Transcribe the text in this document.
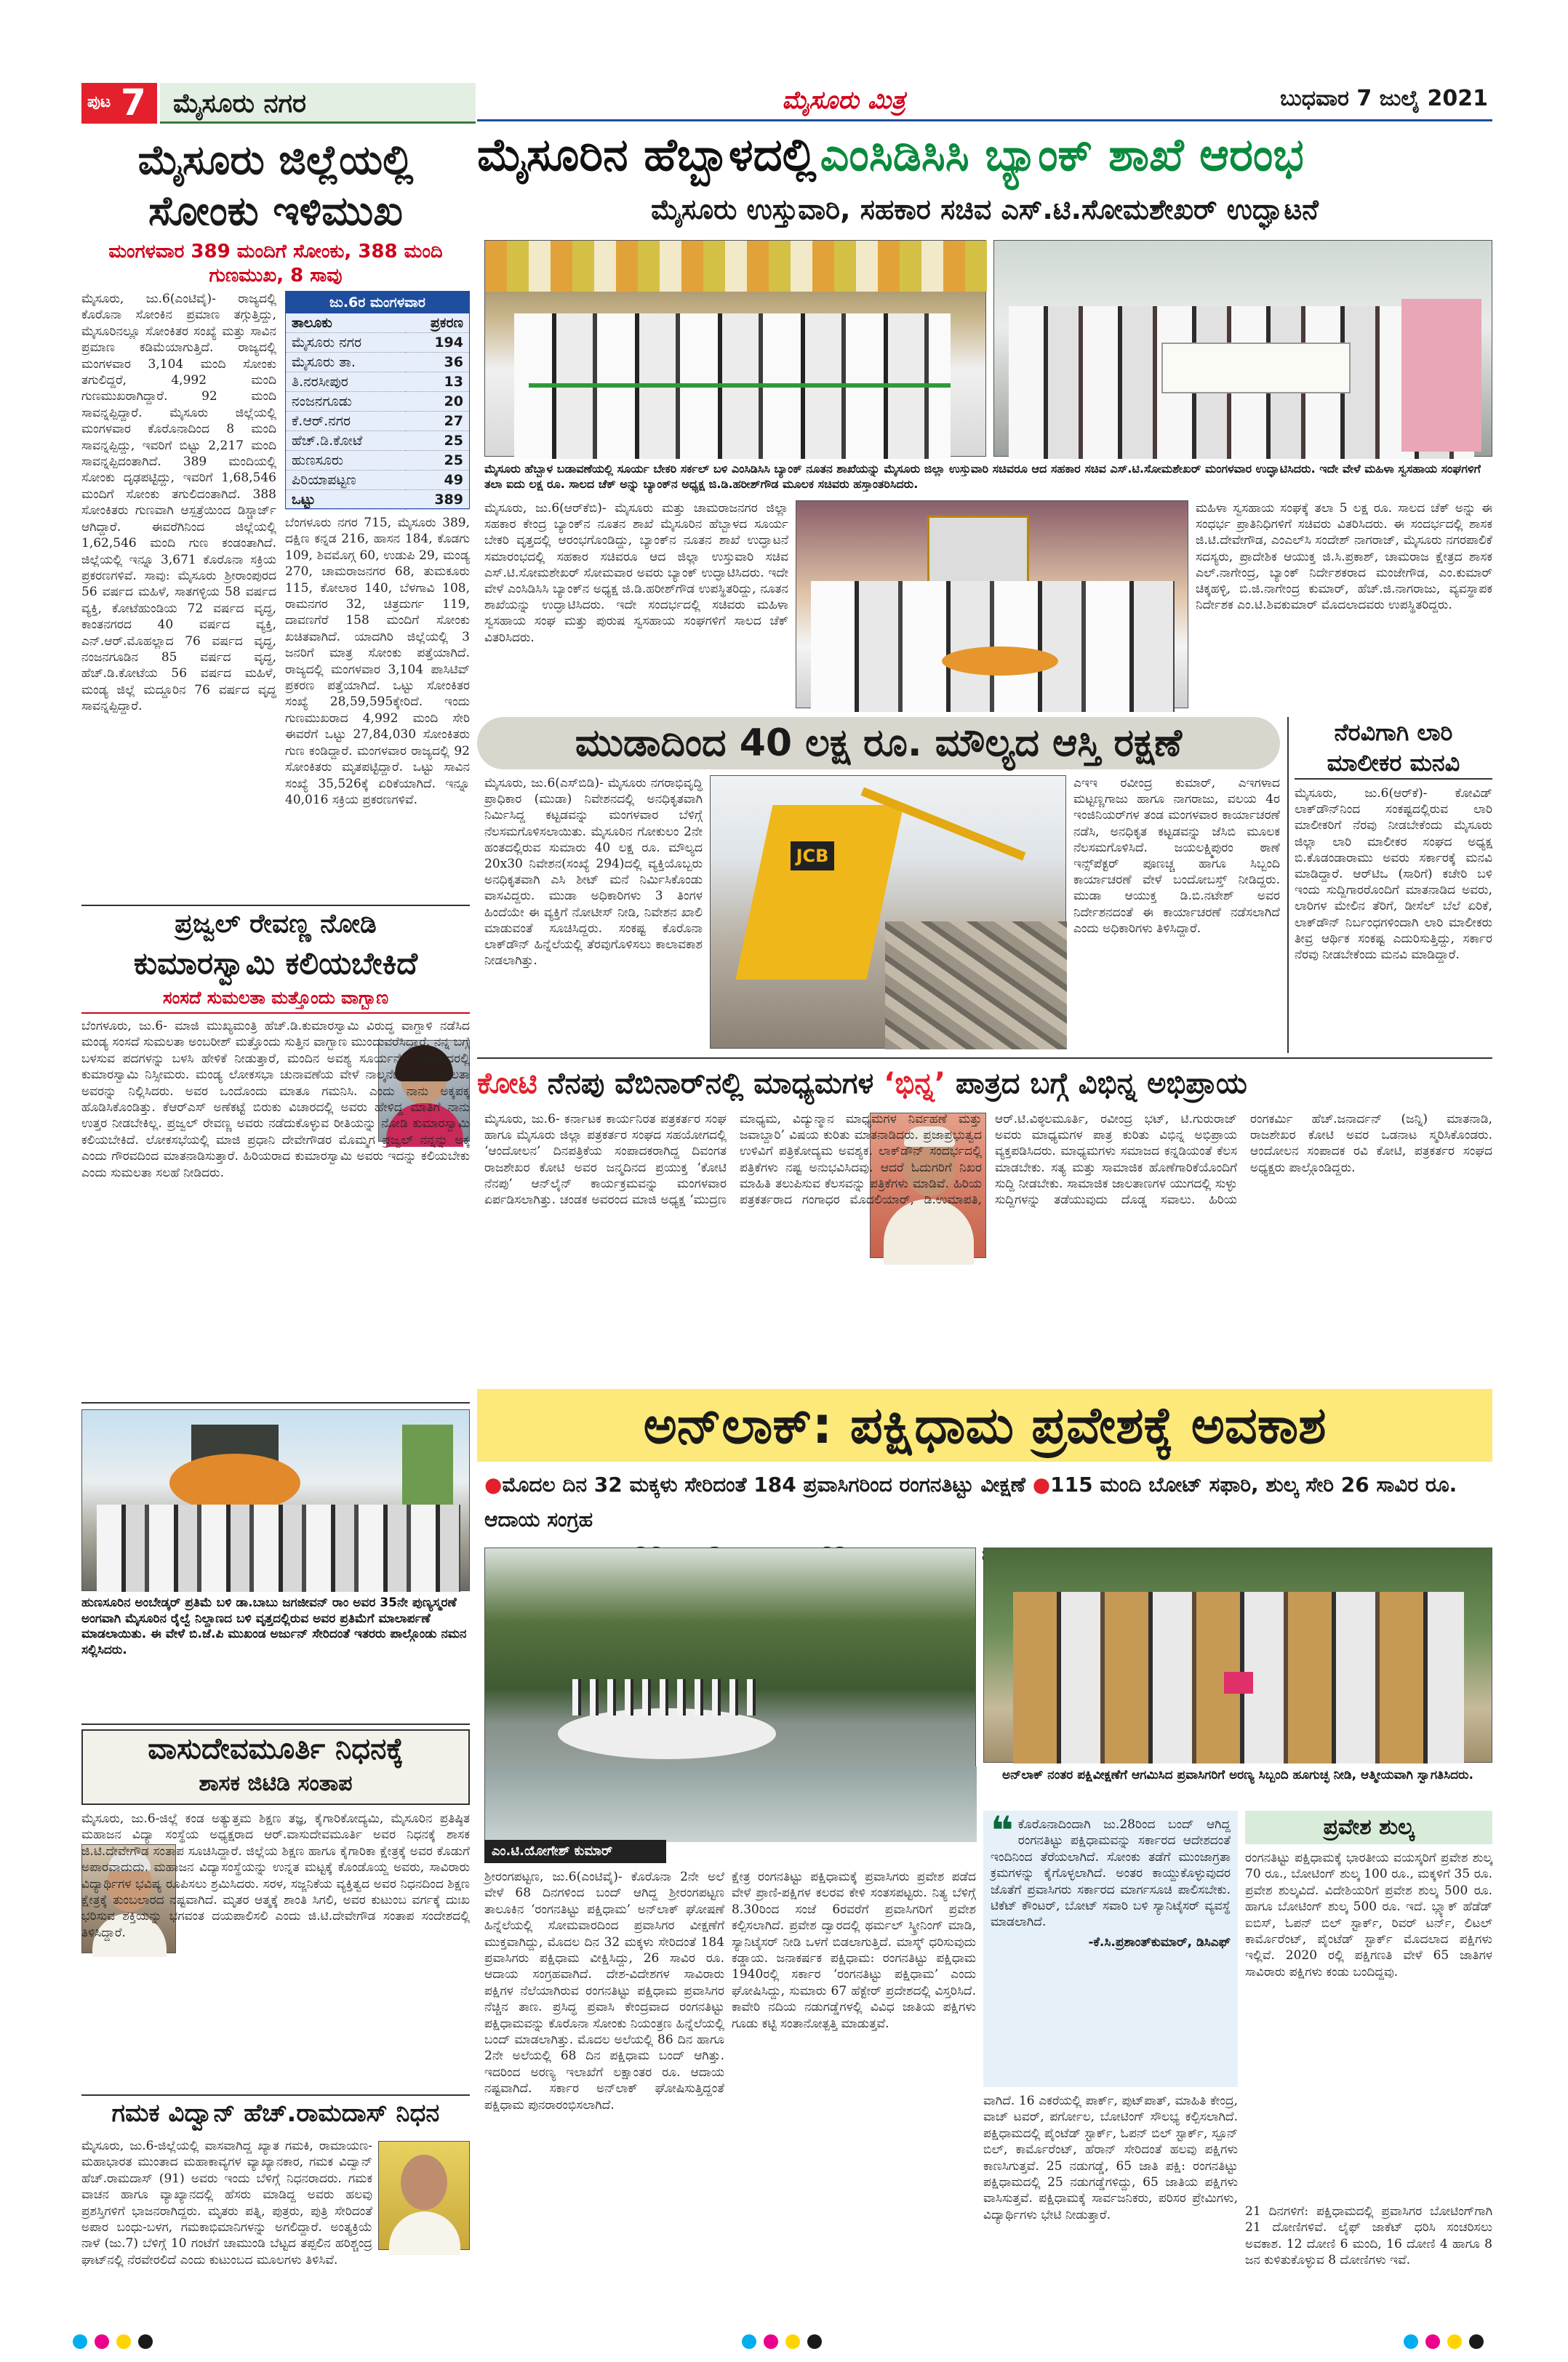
ಪುಟ 7 ಮೈಸೂರು ನಗರ	ಮೈಸೂರು ಮಿತ್ರ	ಬುಧವಾರ 7 ಜುಲೈ 2021
ಮೈಸೂರು ಜಿಲ್ಲೆಯಲ್ಲಿ ಸೋಂಕು ಇಳಿಮುಖ
ಮಂಗಳವಾರ 389 ಮಂದಿಗೆ ಸೋಂಕು, 388 ಮಂದಿ ಗುಣಮುಖ, 8 ಸಾವು
ಮೈಸೂರು, ಜು.6(ಎಂಟಿವೈ)- ರಾಜ್ಯದಲ್ಲಿ ಕೊರೊನಾ ಸೋಂಕಿನ ಪ್ರಮಾಣ ತಗ್ಗುತ್ತಿದ್ದು, ಮೈಸೂರಿನಲ್ಲೂ ಸೋಂಕಿತರ ಸಂಖ್ಯೆ ಮತ್ತು ಸಾವಿನ ಪ್ರಮಾಣ ಕಡಿಮೆಯಾಗುತ್ತಿದೆ. ರಾಜ್ಯದಲ್ಲಿ ಮಂಗಳವಾರ 3,104 ಮಂದಿ ಸೋಂಕು ತಗುಲಿದ್ದರೆ, 4,992 ಮಂದಿ ಗುಣಮುಖರಾಗಿದ್ದಾರೆ. 92 ಮಂದಿ ಸಾವನ್ನಪ್ಪಿದ್ದಾರೆ. ಮೈಸೂರು ಜಿಲ್ಲೆಯಲ್ಲಿ ಮಂಗಳವಾರ ಕೊರೊನಾದಿಂದ 8 ಮಂದಿ ಸಾವನ್ನಪ್ಪಿದ್ದು, ಇವರಿಗೆ ಬಿಟ್ಟು 2,217 ಮಂದಿ ಸಾವನ್ನಪ್ಪಿದಂತಾಗಿದೆ. 389 ಮಂದಿಯಲ್ಲಿ ಸೋಂಕು ದೃಢಪಟ್ಟಿದ್ದು, ಇವರಿಗೆ 1,68,546 ಮಂದಿಗೆ ಸೋಂಕು ತಗುಲಿದಂತಾಗಿದೆ. 388 ಸೋಂಕಿತರು ಗುಣವಾಗಿ ಆಸ್ಪತ್ರೆಯಿಂದ ಡಿಸ್ಚಾರ್ಜ್ ಆಗಿದ್ದಾರೆ. ಈವರೆಗಿನಿಂದ ಜಿಲ್ಲೆಯಲ್ಲಿ 1,62,546 ಮಂದಿ ಗುಣ ಕಂಡಂತಾಗಿದೆ. ಜಿಲ್ಲೆಯಲ್ಲಿ ಇನ್ನೂ 3,671 ಕೊರೊನಾ ಸಕ್ರಿಯ ಪ್ರಕರಣಗಳಿವೆ. ಸಾವು: ಮೈಸೂರು ಶ್ರೀರಾಂಪುರದ 56 ವರ್ಷದ ಮಹಿಳೆ, ಸಾತಗಳ್ಳಿಯ 58 ವರ್ಷದ ವ್ಯಕ್ತಿ, ಕೋಟೆಹುಂಡಿಯ 72 ವರ್ಷದ ವೃದ್ಧ, ಕಾಂತನಗರದ 40 ವರ್ಷದ ವ್ಯಕ್ತಿ, ಎನ್.ಆರ್.ಮೊಹಲ್ಲಾದ 76 ವರ್ಷದ ವೃದ್ಧ, ನಂಜನಗೂಡಿನ 85 ವರ್ಷದ ವೃದ್ಧ, ಹೆಚ್.ಡಿ.ಕೋಟೆಯ 56 ವರ್ಷದ ಮಹಿಳೆ, ಮಂಡ್ಯ ಜಿಲ್ಲೆ ಮದ್ದೂರಿನ 76 ವರ್ಷದ ವೃದ್ಧ ಸಾವನ್ನಪ್ಪಿದ್ದಾರೆ.
ಜು.6ರ ಮಂಗಳವಾರ
ತಾಲೂಕು	ಪ್ರಕರಣ
ಮೈಸೂರು ನಗರ	194
ಮೈಸೂರು ತಾ.	36
ತಿ.ನರಸೀಪುರ	13
ನಂಜನಗೂಡು	20
ಕೆ.ಆರ್.ನಗರ	27
ಹೆಚ್.ಡಿ.ಕೋಟೆ	25
ಹುಣಸೂರು	25
ಪಿರಿಯಾಪಟ್ಟಣ	49
ಒಟ್ಟು	389
ಬೆಂಗಳೂರು ನಗರ 715, ಮೈಸೂರು 389, ದಕ್ಷಿಣ ಕನ್ನಡ 216, ಹಾಸನ 184, ಕೊಡಗು 109, ಶಿವಮೊಗ್ಗ 60, ಉಡುಪಿ 29, ಮಂಡ್ಯ 270, ಚಾಮರಾಜನಗರ 68, ತುಮಕೂರು 115, ಕೋಲಾರ 140, ಬೆಳಗಾವಿ 108, ರಾಮನಗರ 32, ಚಿತ್ರದುರ್ಗ 119, ದಾವಣಗೆರೆ 158 ಮಂದಿಗೆ ಸೋಂಕು ಖಚಿತವಾಗಿದೆ. ಯಾದಗಿರಿ ಜಿಲ್ಲೆಯಲ್ಲಿ 3 ಜನರಿಗೆ ಮಾತ್ರ ಸೋಂಕು ಪತ್ತೆಯಾಗಿದೆ. ರಾಜ್ಯದಲ್ಲಿ ಮಂಗಳವಾರ 3,104 ಪಾಸಿಟಿವ್ ಪ್ರಕರಣ ಪತ್ತೆಯಾಗಿದೆ. ಒಟ್ಟು ಸೋಂಕಿತರ ಸಂಖ್ಯೆ 28,59,595ಕ್ಕೇರಿದೆ. ಇಂದು ಗುಣಮುಖರಾದ 4,992 ಮಂದಿ ಸೇರಿ ಈವರೆಗೆ ಒಟ್ಟು 27,84,030 ಸೋಂಕಿತರು ಗುಣ ಕಂಡಿದ್ದಾರೆ. ಮಂಗಳವಾರ ರಾಜ್ಯದಲ್ಲಿ 92 ಸೋಂಕಿತರು ಮೃತಪಟ್ಟಿದ್ದಾರೆ. ಒಟ್ಟು ಸಾವಿನ ಸಂಖ್ಯೆ 35,526ಕ್ಕೆ ಏರಿಕೆಯಾಗಿದೆ. ಇನ್ನೂ 40,016 ಸಕ್ರಿಯ ಪ್ರಕರಣಗಳಿವೆ.
ಪ್ರಜ್ವಲ್ ರೇವಣ್ಣ ನೋಡಿ
ಕುಮಾರಸ್ವಾಮಿ ಕಲಿಯಬೇಕಿದೆ
ಸಂಸದೆ ಸುಮಲತಾ ಮತ್ತೊಂದು ವಾಗ್ಬಾಣ
ಬೆಂಗಳೂರು, ಜು.6- ಮಾಜಿ ಮುಖ್ಯಮಂತ್ರಿ ಹೆಚ್.ಡಿ.ಕುಮಾರಸ್ವಾಮಿ ವಿರುದ್ಧ ವಾಗ್ದಾಳಿ ನಡೆಸಿದ ಮಂಡ್ಯ ಸಂಸದೆ ಸುಮಲತಾ ಅಂಬರೀಶ್ ಮತ್ತೊಂದು ಸುತ್ತಿನ ವಾಗ್ಬಾಣ ಮುಂದುವರೆಸಿದ್ದಾರೆ. ನನ್ನ ಬಗ್ಗೆ ಬಳಸುವ ಪದಗಳನ್ನು ಬಳಸಿ ಹೇಳಿಕೆ ನೀಡುತ್ತಾರೆ, ಮಂದಿನ ಅವಶ್ಯ ಸೂರ್ಯನ್ನೇ ನೀಡುವುದರಲ್ಲಿ ಕುಮಾರಸ್ವಾಮಿ ನಿಸ್ಸೀಮರು. ಮಂಡ್ಯ ಲೋಕಸಭಾ ಚುನಾವಣೆಯ ವೇಳೆ ನಾಲ್ಕನೇ ನಾಲಿ ಸುಮಲತಾ ಅವರನ್ನು ನಿಲ್ಲಿಸಿದರು. ಅವರ ಒಂದೊಂದು ಮಾತೂ ಗಮನಿಸಿ. ಎಂದು ನಾನು ಅಕ್ಕಪಕ್ಕ ಹೊಡಿಸಿಕೊಂಡಿತ್ತು. ಕೆಆರ್‌ಎಸ್ ಅಣೆಕಟ್ಟೆ ಬಿರುಕು ವಿಚಾರದಲ್ಲಿ ಅವರು ಹೇಳಿದ್ದ ಮಾತಿಗೆ ನಾನು ಉತ್ತರ ನೀಡಬೇಕಿಲ್ಲ. ಪ್ರಜ್ವಲ್ ರೇವಣ್ಣ ಅವರು ನಡೆದುಕೊಳ್ಳುವ ರೀತಿಯನ್ನು ನೋಡಿ ಕುಮಾರಸ್ವಾಮಿ ಕಲಿಯಬೇಕಿದೆ. ಲೋಕಸಭೆಯಲ್ಲಿ ಮಾಜಿ ಪ್ರಧಾನಿ ದೇವೇಗೌಡರ ಮೊಮ್ಮಗ ಪ್ರಜ್ವಲ್ ನನ್ನನ್ನು ಅಕ್ಕ ಎಂದು ಗೌರವದಿಂದ ಮಾತನಾಡಿಸುತ್ತಾರೆ. ಹಿರಿಯರಾದ ಕುಮಾರಸ್ವಾಮಿ ಅವರು ಇದನ್ನು ಕಲಿಯಬೇಕು ಎಂದು ಸುಮಲತಾ ಸಲಹೆ ನೀಡಿದರು.
ಹುಣಸೂರಿನ ಅಂಬೇಡ್ಕರ್ ಪ್ರತಿಮೆ ಬಳಿ ಡಾ.ಬಾಬು ಜಗಜೀವನ್ ರಾಂ ಅವರ 35ನೇ ಪುಣ್ಯಸ್ಮರಣೆ ಅಂಗವಾಗಿ ಮೈಸೂರಿನ ರೈಲ್ವೆ ನಿಲ್ದಾಣದ ಬಳಿ ವೃತ್ತದಲ್ಲಿರುವ ಅವರ ಪ್ರತಿಮೆಗೆ ಮಾಲಾರ್ಪಣೆ ಮಾಡಲಾಯಿತು. ಈ ವೇಳೆ ಬಿ.ಜೆ.ಪಿ ಮುಖಂಡ ಅರ್ಜುನ್ ಸೇರಿದಂತೆ ಇತರರು ಪಾಲ್ಗೊಂಡು ನಮನ ಸಲ್ಲಿಸಿದರು.
ವಾಸುದೇವಮೂರ್ತಿ ನಿಧನಕ್ಕೆ
ಶಾಸಕ ಜಿಟಿಡಿ ಸಂತಾಪ
ಮೈಸೂರು, ಜು.6-ಜಿಲ್ಲೆ ಕಂಡ ಅತ್ಯುತ್ತಮ ಶಿಕ್ಷಣ ತಜ್ಞ, ಕೈಗಾರಿಕೋದ್ಯಮಿ, ಮೈಸೂರಿನ ಪ್ರತಿಷ್ಠಿತ ಮಹಾಜನ ವಿದ್ಯಾ ಸಂಸ್ಥೆಯ ಅಧ್ಯಕ್ಷರಾದ ಆರ್.ವಾಸುದೇವಮೂರ್ತಿ ಅವರ ನಿಧನಕ್ಕೆ ಶಾಸಕ ಜಿ.ಟಿ.ದೇವೇಗೌಡ ಸಂತಾಪ ಸೂಚಿಸಿದ್ದಾರೆ. ಜಿಲ್ಲೆಯ ಶಿಕ್ಷಣ ಹಾಗೂ ಕೈಗಾರಿಕಾ ಕ್ಷೇತ್ರಕ್ಕೆ ಅವರ ಕೊಡುಗೆ ಅಪಾರವಾದುದು. ಮಹಾಜನ ವಿದ್ಯಾಸಂಸ್ಥೆಯನ್ನು ಉನ್ನತ ಮಟ್ಟಕ್ಕೆ ಕೊಂಡೊಯ್ದ ಅವರು, ಸಾವಿರಾರು ವಿದ್ಯಾರ್ಥಿಗಳ ಭವಿಷ್ಯ ರೂಪಿಸಲು ಶ್ರಮಿಸಿದರು. ಸರಳ, ಸಜ್ಜನಿಕೆಯ ವ್ಯಕ್ತಿತ್ವದ ಅವರ ನಿಧನದಿಂದ ಶಿಕ್ಷಣ ಕ್ಷೇತ್ರಕ್ಕೆ ತುಂಬಲಾರದ ನಷ್ಟವಾಗಿದೆ. ಮೃತರ ಆತ್ಮಕ್ಕೆ ಶಾಂತಿ ಸಿಗಲಿ, ಅವರ ಕುಟುಂಬ ವರ್ಗಕ್ಕೆ ದುಃಖ ಭರಿಸುವ ಶಕ್ತಿಯನ್ನು ಭಗವಂತ ದಯಪಾಲಿಸಲಿ ಎಂದು ಜಿ.ಟಿ.ದೇವೇಗೌಡ ಸಂತಾಪ ಸಂದೇಶದಲ್ಲಿ ತಿಳಿಸಿದ್ದಾರೆ.
ಗಮಕ ವಿದ್ವಾನ್ ಹೆಚ್.ರಾಮದಾಸ್ ನಿಧನ
ಮೈಸೂರು, ಜು.6-ಜಿಲ್ಲೆಯಲ್ಲಿ ವಾಸವಾಗಿದ್ದ ಖ್ಯಾತ ಗಮಕಿ, ರಾಮಾಯಣ-ಮಹಾಭಾರತ ಮುಂತಾದ ಮಹಾಕಾವ್ಯಗಳ ವ್ಯಾಖ್ಯಾನಕಾರ, ಗಮಕ ವಿದ್ವಾನ್ ಹೆಚ್.ರಾಮದಾಸ್ (91) ಅವರು ಇಂದು ಬೆಳಿಗ್ಗೆ ನಿಧನರಾದರು. ಗಮಕ ವಾಚನ ಹಾಗೂ ವ್ಯಾಖ್ಯಾನದಲ್ಲಿ ಹೆಸರು ಮಾಡಿದ್ದ ಅವರು ಹಲವು ಪ್ರಶಸ್ತಿಗಳಿಗೆ ಭಾಜನರಾಗಿದ್ದರು. ಮೃತರು ಪತ್ನಿ, ಪುತ್ರರು, ಪುತ್ರಿ ಸೇರಿದಂತೆ ಅಪಾರ ಬಂಧು-ಬಳಗ, ಗಮಕಾಭಿಮಾನಿಗಳನ್ನು ಅಗಲಿದ್ದಾರೆ. ಅಂತ್ಯಕ್ರಿಯೆ ನಾಳೆ (ಜು.7) ಬೆಳಿಗ್ಗೆ 10 ಗಂಟೆಗೆ ಚಾಮುಂಡಿ ಬೆಟ್ಟದ ತಪ್ಪಲಿನ ಹರಿಶ್ಚಂದ್ರ ಘಾಟ್‌ನಲ್ಲಿ ನೆರವೇರಲಿದೆ ಎಂದು ಕುಟುಂಬದ ಮೂಲಗಳು ತಿಳಿಸಿವೆ.
ಮೈಸೂರಿನ ಹೆಬ್ಬಾಳದಲ್ಲಿ ಎಂಸಿಡಿಸಿಸಿ ಬ್ಯಾಂಕ್ ಶಾಖೆ ಆರಂಭ
ಮೈಸೂರು ಉಸ್ತುವಾರಿ, ಸಹಕಾರ ಸಚಿವ ಎಸ್.ಟಿ.ಸೋಮಶೇಖರ್ ಉದ್ಘಾಟನೆ
ಮೈಸೂರು ಹೆಬ್ಬಾಳ ಬಡಾವಣೆಯಲ್ಲಿ ಸೂರ್ಯ ಬೇಕರಿ ಸರ್ಕಲ್ ಬಳಿ ಎಂಸಿಡಿಸಿಸಿ ಬ್ಯಾಂಕ್ ನೂತನ ಶಾಖೆಯನ್ನು ಮೈಸೂರು ಜಿಲ್ಲಾ ಉಸ್ತುವಾರಿ ಸಚಿವರೂ ಆದ ಸಹಕಾರ ಸಚಿವ ಎಸ್.ಟಿ.ಸೋಮಶೇಖರ್ ಮಂಗಳವಾರ ಉದ್ಘಾಟಿಸಿದರು. ಇದೇ ವೇಳೆ ಮಹಿಳಾ ಸ್ವಸಹಾಯ ಸಂಘಗಳಿಗೆ ತಲಾ ಐದು ಲಕ್ಷ ರೂ. ಸಾಲದ ಚೆಕ್ ಅನ್ನು ಬ್ಯಾಂಕ್‌ನ ಅಧ್ಯಕ್ಷ ಜಿ.ಡಿ.ಹರೀಶ್‌ಗೌಡ ಮೂಲಕ ಸಚಿವರು ಹಸ್ತಾಂತರಿಸಿದರು.
ಮೈಸೂರು, ಜು.6(ಆರ್‌ಕೆಬಿ)- ಮೈಸೂರು ಮತ್ತು ಚಾಮರಾಜನಗರ ಜಿಲ್ಲಾ ಸಹಕಾರ ಕೇಂದ್ರ ಬ್ಯಾಂಕ್‌ನ ನೂತನ ಶಾಖೆ ಮೈಸೂರಿನ ಹೆಬ್ಬಾಳದ ಸೂರ್ಯ ಬೇಕರಿ ವೃತ್ತದಲ್ಲಿ ಆರಂಭಗೊಂಡಿದ್ದು, ಬ್ಯಾಂಕ್‌ನ ನೂತನ ಶಾಖೆ ಉದ್ಘಾಟನೆ ಸಮಾರಂಭದಲ್ಲಿ ಸಹಕಾರ ಸಚಿವರೂ ಆದ ಜಿಲ್ಲಾ ಉಸ್ತುವಾರಿ ಸಚಿವ ಎಸ್.ಟಿ.ಸೋಮಶೇಖರ್ ಸೋಮವಾರ ಅವರು ಬ್ಯಾಂಕ್ ಉದ್ಘಾಟಿಸಿದರು. ಇದೇ ವೇಳೆ ಎಂಸಿಡಿಸಿಸಿ ಬ್ಯಾಂಕ್‌ನ ಅಧ್ಯಕ್ಷ ಜಿ.ಡಿ.ಹರೀಶ್‌ಗೌಡ ಉಪಸ್ಥಿತರಿದ್ದು, ನೂತನ ಶಾಖೆಯನ್ನು ಉದ್ಘಾಟಿಸಿದರು. ಇದೇ ಸಂದರ್ಭದಲ್ಲಿ ಸಚಿವರು ಮಹಿಳಾ ಸ್ವಸಹಾಯ ಸಂಘ ಮತ್ತು ಪುರುಷ ಸ್ವಸಹಾಯ ಸಂಘಗಳಿಗೆ ಸಾಲದ ಚೆಕ್ ವಿತರಿಸಿದರು.
ಮಹಿಳಾ ಸ್ವಸಹಾಯ ಸಂಘಕ್ಕೆ ತಲಾ 5 ಲಕ್ಷ ರೂ. ಸಾಲದ ಚೆಕ್ ಅನ್ನು ಈ ಸಂಧರ್ಭ ಪ್ರಾತಿನಿಧಿಗಳಿಗೆ ಸಚಿವರು ವಿತರಿಸಿದರು. ಈ ಸಂದರ್ಭದಲ್ಲಿ ಶಾಸಕ ಜಿ.ಟಿ.ದೇವೇಗೌಡ, ಎಂಎಲ್‌ಸಿ ಸಂದೇಶ್ ನಾಗರಾಜ್, ಮೈಸೂರು ನಗರಪಾಲಿಕೆ ಸದಸ್ಯರು, ಪ್ರಾದೇಶಿಕ ಆಯುಕ್ತ ಜಿ.ಸಿ.ಪ್ರಕಾಶ್, ಚಾಮರಾಜ ಕ್ಷೇತ್ರದ ಶಾಸಕ ಎಲ್.ನಾಗೇಂದ್ರ, ಬ್ಯಾಂಕ್ ನಿರ್ದೇಶಕರಾದ ಮಂಜೇಗೌಡ, ಎಂ.ಕುಮಾರ್ ಚಿಕ್ಕಹಳ್ಳಿ, ಬಿ.ಜಿ.ನಾಗೇಂದ್ರ ಕುಮಾರ್, ಹೆಚ್.ಜಿ.ನಾಗರಾಜು, ವ್ಯವಸ್ಥಾಪಕ ನಿರ್ದೇಶಕ ಎಂ.ಟಿ.ಶಿವಕುಮಾರ್ ಮೊದಲಾದವರು ಉಪಸ್ಥಿತರಿದ್ದರು.
ಮುಡಾದಿಂದ 40 ಲಕ್ಷ ರೂ. ಮೌಲ್ಯದ ಆಸ್ತಿ ರಕ್ಷಣೆ
ಮೈಸೂರು, ಜು.6(ಎಸ್‌ಬಿಡಿ)- ಮೈಸೂರು ನಗರಾಭಿವೃದ್ಧಿ ಪ್ರಾಧಿಕಾರ (ಮುಡಾ) ನಿವೇಶನದಲ್ಲಿ ಅನಧಿಕೃತವಾಗಿ ನಿರ್ಮಿಸಿದ್ದ ಕಟ್ಟಡವನ್ನು ಮಂಗಳವಾರ ಬೆಳಿಗ್ಗೆ ನೆಲಸಮಗೊಳಿಸಲಾಯಿತು. ಮೈಸೂರಿನ ಗೋಕುಲಂ 2ನೇ ಹಂತದಲ್ಲಿರುವ ಸುಮಾರು 40 ಲಕ್ಷ ರೂ. ಮೌಲ್ಯದ 20x30 ನಿವೇಶನ(ಸಂಖ್ಯೆ 294)ದಲ್ಲಿ ವ್ಯಕ್ತಿಯೊಬ್ಬರು ಅನಧಿಕೃತವಾಗಿ ಎಸಿ ಶೀಟ್ ಮನೆ ನಿರ್ಮಿಸಿಕೊಂಡು ವಾಸವಿದ್ದರು. ಮುಡಾ ಅಧಿಕಾರಿಗಳು 3 ತಿಂಗಳ ಹಿಂದೆಯೇ ಈ ವ್ಯಕ್ತಿಗೆ ನೋಟೀಸ್ ನೀಡಿ, ನಿವೇಶನ ಖಾಲಿ ಮಾಡುವಂತೆ ಸೂಚಿಸಿದ್ದರು. ಸಂಕಷ್ಟ ಕೊರೊನಾ ಲಾಕ್‌ಡೌನ್ ಹಿನ್ನೆಲೆಯಲ್ಲಿ ತೆರವುಗೊಳಿಸಲು ಕಾಲಾವಕಾಶ ನೀಡಲಾಗಿತ್ತು.
JCB
ಎಇಇ ರವೀಂದ್ರ ಕುಮಾರ್, ಎಇಗಳಾದ ಮಟ್ಟಣ್ಣಗಾಜು ಹಾಗೂ ನಾಗರಾಜು, ವಲಯ 4ರ ಇಂಜಿನಿಯರ್‌ಗಳ ತಂಡ ಮಂಗಳವಾರ ಕಾರ್ಯಾಚರಣೆ ನಡೆಸಿ, ಅನಧಿಕೃತ ಕಟ್ಟಡವನ್ನು ಜೆಸಿಬಿ ಮೂಲಕ ನೆಲಸಮಗೊಳಿಸಿದೆ. ಜಯಲಕ್ಷ್ಮಿಪುರಂ ಠಾಣೆ ಇನ್ಸ್‌ಪೆಕ್ಟರ್ ಪೂಣಚ್ಚ ಹಾಗೂ ಸಿಬ್ಬಂದಿ ಕಾರ್ಯಾಚರಣೆ ವೇಳೆ ಬಂದೋಬಸ್ತ್ ನೀಡಿದ್ದರು. ಮುಡಾ ಆಯುಕ್ತ ಡಿ.ಬಿ.ನಟೇಶ್ ಅವರ ನಿರ್ದೇಶನದಂತೆ ಈ ಕಾರ್ಯಾಚರಣೆ ನಡೆಸಲಾಗಿದೆ ಎಂದು ಅಧಿಕಾರಿಗಳು ತಿಳಿಸಿದ್ದಾರೆ.
ನೆರವಿಗಾಗಿ ಲಾರಿ ಮಾಲೀಕರ ಮನವಿ
ಮೈಸೂರು, ಜು.6(ಆರ್‌ಕೆ)- ಕೋವಿಡ್ ಲಾಕ್‌ಡೌನ್‌ನಿಂದ ಸಂಕಷ್ಟದಲ್ಲಿರುವ ಲಾರಿ ಮಾಲೀಕರಿಗೆ ನೆರವು ನೀಡಬೇಕೆಂದು ಮೈಸೂರು ಜಿಲ್ಲಾ ಲಾರಿ ಮಾಲೀಕರ ಸಂಘದ ಅಧ್ಯಕ್ಷ ಬಿ.ಕೊಡಂಡಾರಾಮು ಅವರು ಸರ್ಕಾರಕ್ಕೆ ಮನವಿ ಮಾಡಿದ್ದಾರೆ. ಆರ್‌ಟಿಒ (ಸಾರಿಗೆ) ಕಚೇರಿ ಬಳಿ ಇಂದು ಸುದ್ದಿಗಾರರೊಂದಿಗೆ ಮಾತನಾಡಿದ ಅವರು, ಲಾರಿಗಳ ಮೇಲಿನ ತೆರಿಗೆ, ಡೀಸೆಲ್ ಬೆಲೆ ಏರಿಕೆ, ಲಾಕ್‌ಡೌನ್ ನಿರ್ಬಂಧಗಳಿಂದಾಗಿ ಲಾರಿ ಮಾಲೀಕರು ತೀವ್ರ ಆರ್ಥಿಕ ಸಂಕಷ್ಟ ಎದುರಿಸುತ್ತಿದ್ದು, ಸರ್ಕಾರ ನೆರವು ನೀಡಬೇಕೆಂದು ಮನವಿ ಮಾಡಿದ್ದಾರೆ.
ಕೋಟಿ ನೆನಪು ವೆಬಿನಾರ್‌ನಲ್ಲಿ ಮಾಧ್ಯಮಗಳ ‘ಭಿನ್ನ’ ಪಾತ್ರದ ಬಗ್ಗೆ ವಿಭಿನ್ನ ಅಭಿಪ್ರಾಯ
ಮೈಸೂರು, ಜು.6- ಕರ್ನಾಟಕ ಕಾರ್ಯನಿರತ ಪತ್ರಕರ್ತರ ಸಂಘ ಹಾಗೂ ಮೈಸೂರು ಜಿಲ್ಲಾ ಪತ್ರಕರ್ತರ ಸಂಘದ ಸಹಯೋಗದಲ್ಲಿ ‘ಆಂದೋಲನ’ ದಿನಪತ್ರಿಕೆಯ ಸಂಪಾದಕರಾಗಿದ್ದ ದಿವಂಗತ ರಾಜಶೇಖರ ಕೋಟಿ ಅವರ ಜನ್ಮದಿನದ ಪ್ರಯುಕ್ತ ‘ಕೋಟಿ ನೆನಪು’ ಆನ್‌ಲೈನ್ ಕಾರ್ಯಕ್ರಮವನ್ನು ಮಂಗಳವಾರ ಏರ್ಪಡಿಸಲಾಗಿತ್ತು. ಚಂಡಕ ಅವರಂದ ಮಾಜಿ ಅಧ್ಯಕ್ಷ ‘ಮುದ್ರಣ ಮಾಧ್ಯಮ, ವಿದ್ಯುನ್ಮಾನ ಮಾಧ್ಯಮಗಳ ನಿರ್ವಹಣೆ ಮತ್ತು ಜವಾಬ್ದಾರಿ’ ವಿಷಯ ಕುರಿತು ಮಾತನಾಡಿದರು. ಪ್ರಜಾಪ್ರಭುತ್ವದ ಉಳಿವಿಗೆ ಪತ್ರಿಕೋದ್ಯಮ ಅವಶ್ಯಕ. ಲಾಕ್‌ಡೌನ್ ಸಂದರ್ಭದಲ್ಲಿ ಪತ್ರಿಕೆಗಳು ನಷ್ಟ ಅನುಭವಿಸಿದವು. ಆದರೆ ಓದುಗರಿಗೆ ನಿಖರ ಮಾಹಿತಿ ತಲುಪಿಸುವ ಕೆಲಸವನ್ನು ಪತ್ರಿಕೆಗಳು ಮಾಡಿವೆ. ಹಿರಿಯ ಪತ್ರಕರ್ತರಾದ ಗಂಗಾಧರ ಮೊದಲಿಯಾರ್, ಡಿ.ಉಮಾಪತಿ, ಆರ್.ಟಿ.ವಿಠ್ಠಲಮೂರ್ತಿ, ರವೀಂದ್ರ ಭಟ್, ಟಿ.ಗುರುರಾಜ್ ಅವರು ಮಾಧ್ಯಮಗಳ ಪಾತ್ರ ಕುರಿತು ವಿಭಿನ್ನ ಅಭಿಪ್ರಾಯ ವ್ಯಕ್ತಪಡಿಸಿದರು. ಮಾಧ್ಯಮಗಳು ಸಮಾಜದ ಕನ್ನಡಿಯಂತೆ ಕೆಲಸ ಮಾಡಬೇಕು. ಸತ್ಯ ಮತ್ತು ಸಾಮಾಜಿಕ ಹೊಣೆಗಾರಿಕೆಯೊಂದಿಗೆ ಸುದ್ದಿ ನೀಡಬೇಕು. ಸಾಮಾಜಿಕ ಜಾಲತಾಣಗಳ ಯುಗದಲ್ಲಿ ಸುಳ್ಳು ಸುದ್ದಿಗಳನ್ನು ತಡೆಯುವುದು ದೊಡ್ಡ ಸವಾಲು. ಹಿರಿಯ ರಂಗಕರ್ಮಿ ಹೆಚ್.ಜನಾರ್ದನ್ (ಜನ್ನಿ) ಮಾತನಾಡಿ, ರಾಜಶೇಖರ ಕೋಟಿ ಅವರ ಒಡನಾಟ ಸ್ಮರಿಸಿಕೊಂಡರು. ಆಂದೋಲನ ಸಂಪಾದಕ ರವಿ ಕೋಟಿ, ಪತ್ರಕರ್ತರ ಸಂಘದ ಅಧ್ಯಕ್ಷರು ಪಾಲ್ಗೊಂಡಿದ್ದರು.
ಅನ್‌ಲಾಕ್: ಪಕ್ಷಿಧಾಮ ಪ್ರವೇಶಕ್ಕೆ ಅವಕಾಶ
●ಮೊದಲ ದಿನ 32 ಮಕ್ಕಳು ಸೇರಿದಂತೆ 184 ಪ್ರವಾಸಿಗರಿಂದ ರಂಗನತಿಟ್ಟು ವೀಕ್ಷಣೆ ●115 ಮಂದಿ ಬೋಟ್ ಸಫಾರಿ, ಶುಲ್ಕ ಸೇರಿ 26 ಸಾವಿರ ರೂ. ಆದಾಯ ಸಂಗ್ರಹ
ಎಂ.ಟಿ.ಯೋಗೇಶ್ ಕುಮಾರ್
ಅನ್‌ಲಾಕ್ ನಂತರ ಪಕ್ಷಿವೀಕ್ಷಣೆಗೆ ಆಗಮಿಸಿದ ಪ್ರವಾಸಿಗರಿಗೆ ಅರಣ್ಯ ಸಿಬ್ಬಂದಿ ಹೂಗುಚ್ಛ ನೀಡಿ, ಆತ್ಮೀಯವಾಗಿ ಸ್ವಾಗತಿಸಿದರು.
❝ ಕೊರೊನಾದಿಂದಾಗಿ ಜು.28ರಿಂದ ಬಂದ್ ಆಗಿದ್ದ ರಂಗನತಿಟ್ಟು ಪಕ್ಷಿಧಾಮವನ್ನು ಸರ್ಕಾರದ ಆದೇಶದಂತೆ ಇಂದಿನಿಂದ ತೆರೆಯಲಾಗಿದೆ. ಸೋಂಕು ತಡೆಗೆ ಮುಂಜಾಗ್ರತಾ ಕ್ರಮಗಳನ್ನು ಕೈಗೊಳ್ಳಲಾಗಿದೆ. ಅಂತರ ಕಾಯ್ದುಕೊಳ್ಳುವುದರ ಜೊತೆಗೆ ಪ್ರವಾಸಿಗರು ಸರ್ಕಾರದ ಮಾರ್ಗಸೂಚಿ ಪಾಲಿಸಬೇಕು. ಟಿಕೆಟ್ ಕೌಂಟರ್, ಬೋಟ್ ಸವಾರಿ ಬಳಿ ಸ್ಯಾನಿಟೈಸರ್ ವ್ಯವಸ್ಥೆ ಮಾಡಲಾಗಿದೆ.
-ಕೆ.ಸಿ.ಪ್ರಶಾಂತ್‌ಕುಮಾರ್, ಡಿಸಿಎಫ್
ಶ್ರೀರಂಗಪಟ್ಟಣ, ಜು.6(ಎಂಟಿವೈ)- ಕೊರೊನಾ 2ನೇ ಅಲೆ ವೇಳೆ 68 ದಿನಗಳಿಂದ ಬಂದ್ ಆಗಿದ್ದ ಶ್ರೀರಂಗಪಟ್ಟಣ ತಾಲೂಕಿನ ‘ರಂಗನತಿಟ್ಟು ಪಕ್ಷಿಧಾಮ’ ಅನ್‌ಲಾಕ್ ಘೋಷಣೆ ಹಿನ್ನೆಲೆಯಲ್ಲಿ ಸೋಮವಾರದಿಂದ ಪ್ರವಾಸಿಗರ ವೀಕ್ಷಣೆಗೆ ಮುಕ್ತವಾಗಿದ್ದು, ಮೊದಲ ದಿನ 32 ಮಕ್ಕಳು ಸೇರಿದಂತೆ 184 ಪ್ರವಾಸಿಗರು ಪಕ್ಷಿಧಾಮ ವೀಕ್ಷಿಸಿದ್ದು, 26 ಸಾವಿರ ರೂ. ಆದಾಯ ಸಂಗ್ರಹವಾಗಿದೆ. ದೇಶ-ವಿದೇಶಗಳ ಸಾವಿರಾರು ಪಕ್ಷಿಗಳ ನೆಲೆಯಾಗಿರುವ ರಂಗನತಿಟ್ಟು ಪಕ್ಷಿಧಾಮ ಪ್ರವಾಸಿಗರ ನೆಚ್ಚಿನ ತಾಣ. ಪ್ರಸಿದ್ಧ ಪ್ರವಾಸಿ ಕೇಂದ್ರವಾದ ರಂಗನತಿಟ್ಟು ಪಕ್ಷಿಧಾಮವನ್ನು ಕೊರೊನಾ ಸೋಂಕು ನಿಯಂತ್ರಣ ಹಿನ್ನೆಲೆಯಲ್ಲಿ ಬಂದ್ ಮಾಡಲಾಗಿತ್ತು. ಮೊದಲ ಅಲೆಯಲ್ಲಿ 86 ದಿನ ಹಾಗೂ 2ನೇ ಅಲೆಯಲ್ಲಿ 68 ದಿನ ಪಕ್ಷಿಧಾಮ ಬಂದ್ ಆಗಿತ್ತು. ಇದರಿಂದ ಅರಣ್ಯ ಇಲಾಖೆಗೆ ಲಕ್ಷಾಂತರ ರೂ. ಆದಾಯ ನಷ್ಟವಾಗಿದೆ. ಸರ್ಕಾರ ಅನ್‌ಲಾಕ್ ಘೋಷಿಸುತ್ತಿದ್ದಂತೆ ಪಕ್ಷಿಧಾಮ ಪುನರಾರಂಭಿಸಲಾಗಿದೆ.
ಕ್ಷೇತ್ರ ರಂಗನತಿಟ್ಟು ಪಕ್ಷಿಧಾಮಕ್ಕೆ ಪ್ರವಾಸಿಗರು ಪ್ರವೇಶ ಪಡೆದ ವೇಳೆ ಪ್ರಾಣಿ-ಪಕ್ಷಿಗಳ ಕಲರವ ಕೇಳಿ ಸಂತಸಪಟ್ಟರು. ನಿತ್ಯ ಬೆಳಿಗ್ಗೆ 8.30ರಿಂದ ಸಂಜೆ 6ರವರೆಗೆ ಪ್ರವಾಸಿಗರಿಗೆ ಪ್ರವೇಶ ಕಲ್ಪಿಸಲಾಗಿದೆ. ಪ್ರವೇಶ ದ್ವಾರದಲ್ಲಿ ಥರ್ಮಲ್ ಸ್ಕ್ರೀನಿಂಗ್ ಮಾಡಿ, ಸ್ಯಾನಿಟೈಸರ್ ನೀಡಿ ಒಳಗೆ ಬಿಡಲಾಗುತ್ತಿದೆ. ಮಾಸ್ಕ್ ಧರಿಸುವುದು ಕಡ್ಡಾಯ. ಜನಾಕರ್ಷಕ ಪಕ್ಷಿಧಾಮ: ರಂಗನತಿಟ್ಟು ಪಕ್ಷಿಧಾಮ 1940ರಲ್ಲಿ ಸರ್ಕಾರ ‘ರಂಗನತಿಟ್ಟು ಪಕ್ಷಿಧಾಮ’ ಎಂದು ಘೋಷಿಸಿದ್ದು, ಸುಮಾರು 67 ಹೆಕ್ಟೇರ್ ಪ್ರದೇಶದಲ್ಲಿ ವಿಸ್ತರಿಸಿದೆ. ಕಾವೇರಿ ನದಿಯ ನಡುಗಡ್ಡೆಗಳಲ್ಲಿ ವಿವಿಧ ಜಾತಿಯ ಪಕ್ಷಿಗಳು ಗೂಡು ಕಟ್ಟಿ ಸಂತಾನೋತ್ಪತ್ತಿ ಮಾಡುತ್ತವೆ.
ವಾಗಿದೆ. 16 ಎಕರೆಯಲ್ಲಿ ಪಾರ್ಕ್, ಪುಟ್‌ಪಾತ್, ಮಾಹಿತಿ ಕೇಂದ್ರ, ವಾಚ್ ಟವರ್, ಪರ್ಗೋಲ, ಬೋಟಿಂಗ್ ಸೌಲಭ್ಯ ಕಲ್ಪಿಸಲಾಗಿದೆ. ಪಕ್ಷಿಧಾಮದಲ್ಲಿ ಪೈಂಟೆಡ್ ಸ್ಟಾರ್ಕ್, ಓಪನ್ ಬಿಲ್ ಸ್ಟಾರ್ಕ್, ಸ್ಪೂನ್ ಬಿಲ್, ಕಾರ್ಮೊರೆಂಟ್, ಹೆರಾನ್ ಸೇರಿದಂತೆ ಹಲವು ಪಕ್ಷಿಗಳು ಕಾಣಸಿಗುತ್ತವೆ. 25 ನಡುಗಡ್ಡೆ, 65 ಜಾತಿ ಪಕ್ಷಿ: ರಂಗನತಿಟ್ಟು ಪಕ್ಷಿಧಾಮದಲ್ಲಿ 25 ನಡುಗಡ್ಡೆಗಳಿದ್ದು, 65 ಜಾತಿಯ ಪಕ್ಷಿಗಳು ವಾಸಿಸುತ್ತವೆ. ಪಕ್ಷಿಧಾಮಕ್ಕೆ ಸಾರ್ವಜನಿಕರು, ಪರಿಸರ ಪ್ರೇಮಿಗಳು, ವಿದ್ಯಾರ್ಥಿಗಳು ಭೇಟಿ ನೀಡುತ್ತಾರೆ.
ಪ್ರವೇಶ ಶುಲ್ಕ
ರಂಗನತಿಟ್ಟು ಪಕ್ಷಿಧಾಮಕ್ಕೆ ಭಾರತೀಯ ವಯಸ್ಕರಿಗೆ ಪ್ರವೇಶ ಶುಲ್ಕ 70 ರೂ., ಬೋಟಿಂಗ್ ಶುಲ್ಕ 100 ರೂ., ಮಕ್ಕಳಿಗೆ 35 ರೂ. ಪ್ರವೇಶ ಶುಲ್ಕವಿದೆ. ವಿದೇಶಿಯರಿಗೆ ಪ್ರವೇಶ ಶುಲ್ಕ 500 ರೂ. ಹಾಗೂ ಬೋಟಿಂಗ್ ಶುಲ್ಕ 500 ರೂ. ಇದೆ. ಬ್ಲ್ಯಾಕ್ ಹೆಡೆಡ್ ಐಬಿಸ್, ಓಪನ್ ಬಿಲ್ ಸ್ಟಾರ್ಕ್, ರಿವರ್ ಟರ್ನ್, ಲಿಟಲ್ ಕಾರ್ಮೊರೆಂಟ್, ಪೈಂಟೆಡ್ ಸ್ಟಾರ್ಕ್ ಮೊದಲಾದ ಪಕ್ಷಿಗಳು ಇಲ್ಲಿವೆ. 2020 ರಲ್ಲಿ ಪಕ್ಷಿಗಣತಿ ವೇಳೆ 65 ಜಾತಿಗಳ ಸಾವಿರಾರು ಪಕ್ಷಿಗಳು ಕಂಡು ಬಂದಿದ್ದವು.
21 ದಿನಗಳಿಗೆ: ಪಕ್ಷಿಧಾಮದಲ್ಲಿ ಪ್ರವಾಸಿಗರ ಬೋಟಿಂಗ್‌ಗಾಗಿ 21 ದೋಣಿಗಳಿವೆ. ಲೈಫ್ ಜಾಕೆಟ್ ಧರಿಸಿ ಸಂಚರಿಸಲು ಅವಕಾಶ. 12 ದೋಣಿ 6 ಮಂದಿ, 16 ದೋಣಿ 4 ಹಾಗೂ 8 ಜನ ಕುಳಿತುಕೊಳ್ಳುವ 8 ದೋಣಿಗಳು ಇವೆ.
